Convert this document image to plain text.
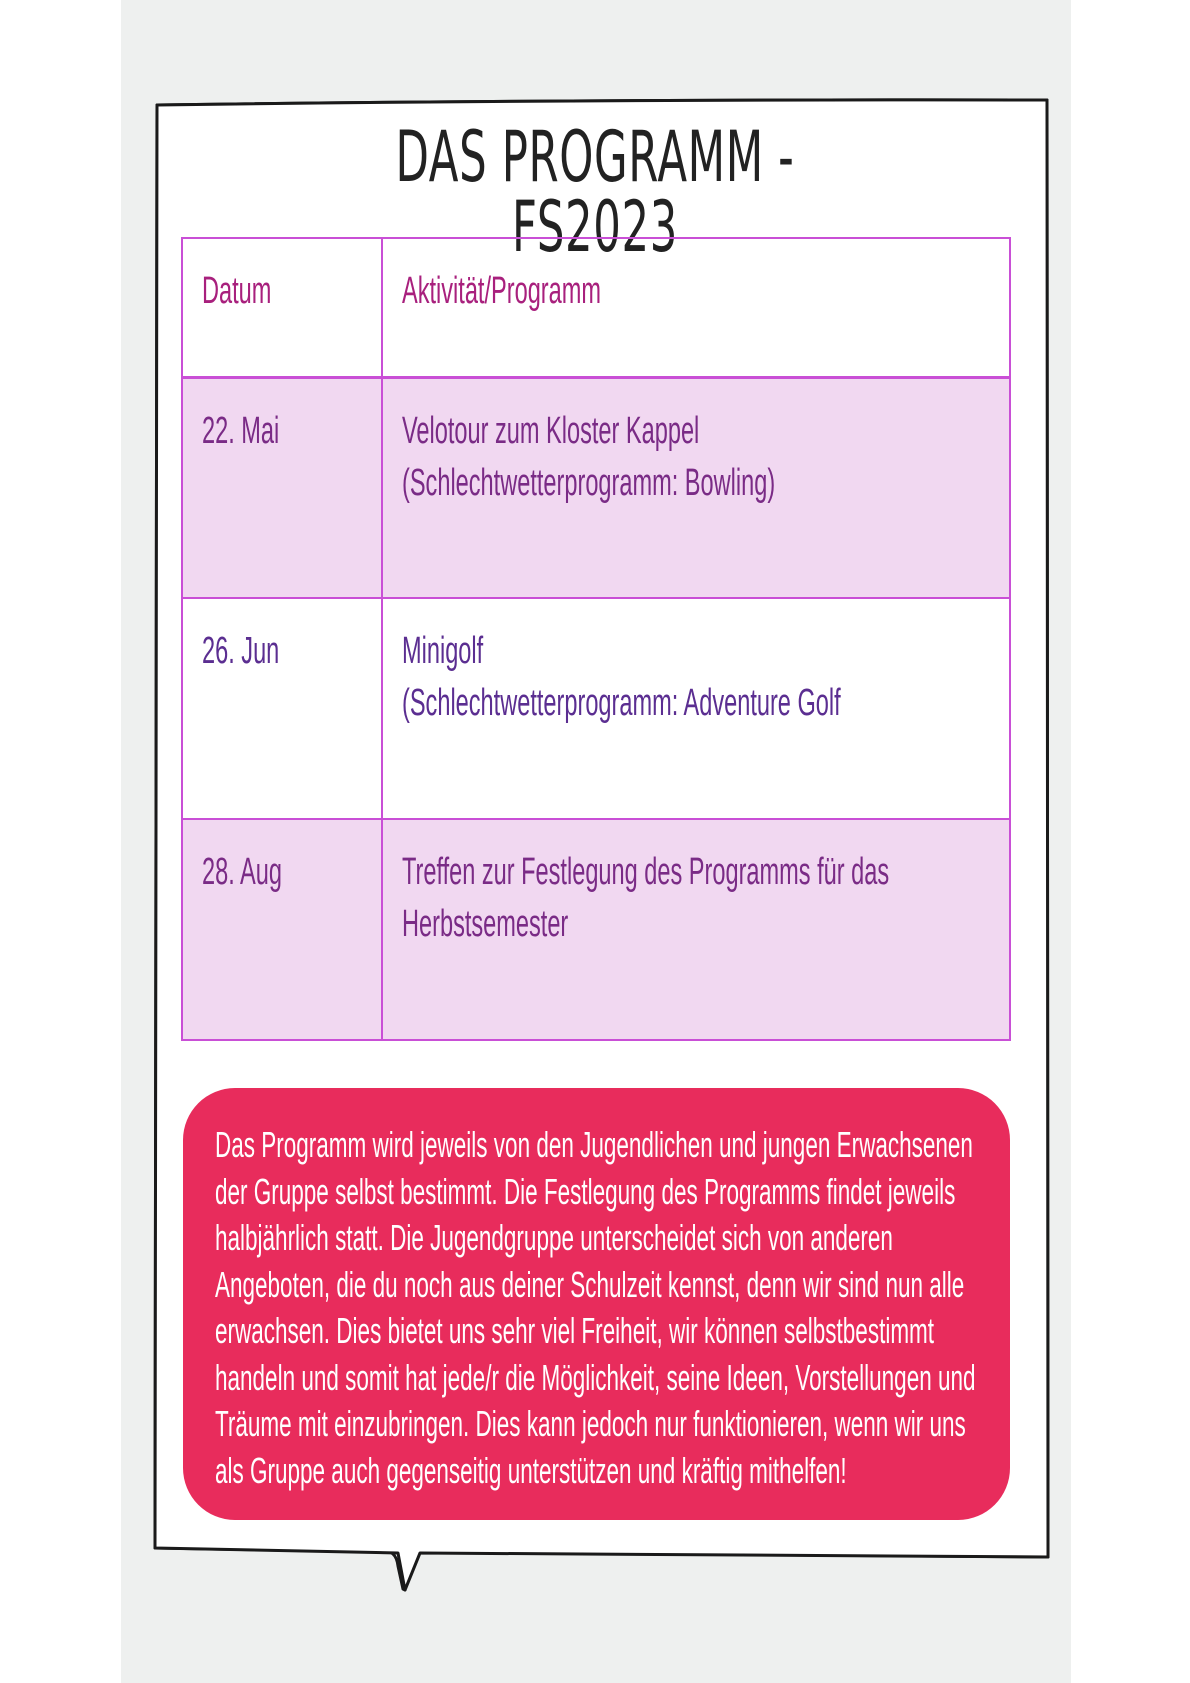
DAS PROGRAMM - FS2023
Datum	Aktivität/Programm
22. Mai	Velotour zum Kloster Kappel
(Schlechtwetterprogramm: Bowling)

26. Jun	Minigolf
(Schlechtwetterprogramm: Adventure Golf

28. Aug	Treffen zur Festlegung des Programms für das
Herbstsemester

Das Programm wird jeweils von den Jugendlichen und jungen Erwachsenen
der Gruppe selbst bestimmt. Die Festlegung des Programms findet jeweils
halbjährlich statt. Die Jugendgruppe unterscheidet sich von anderen
Angeboten, die du noch aus deiner Schulzeit kennst, denn wir sind nun alle
erwachsen. Dies bietet uns sehr viel Freiheit, wir können selbstbestimmt
handeln und somit hat jede/r die Möglichkeit, seine Ideen, Vorstellungen und
Träume mit einzubringen. Dies kann jedoch nur funktionieren, wenn wir uns
als Gruppe auch gegenseitig unterstützen und kräftig mithelfen!
